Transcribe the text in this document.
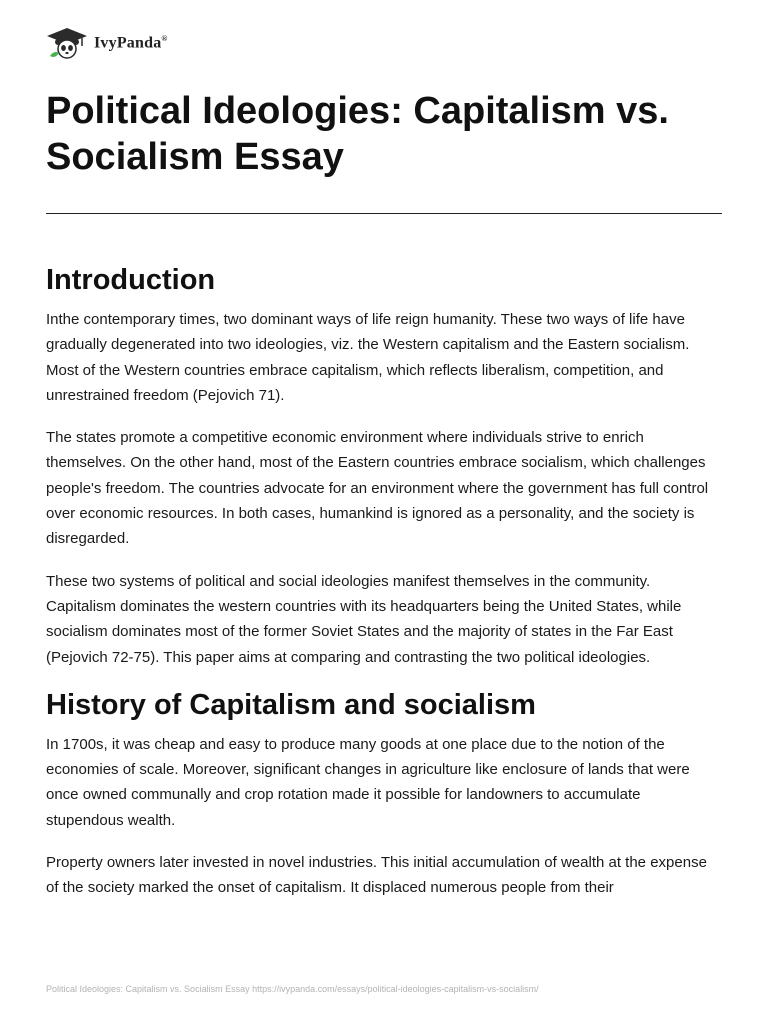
IvyPanda®
Political Ideologies: Capitalism vs. Socialism Essay
Introduction

Inthe contemporary times, two dominant ways of life reign humanity. These two ways of life have gradually degenerated into two ideologies, viz. the Western capitalism and the Eastern socialism. Most of the Western countries embrace capitalism, which reflects liberalism, competition, and unrestrained freedom (Pejovich 71).

The states promote a competitive economic environment where individuals strive to enrich themselves. On the other hand, most of the Eastern countries embrace socialism, which challenges people's freedom. The countries advocate for an environment where the government has full control over economic resources. In both cases, humankind is ignored as a personality, and the society is disregarded.

These two systems of political and social ideologies manifest themselves in the community. Capitalism dominates the western countries with its headquarters being the United States, while socialism dominates most of the former Soviet States and the majority of states in the Far East (Pejovich 72-75). This paper aims at comparing and contrasting the two political ideologies.

History of Capitalism and socialism

In 1700s, it was cheap and easy to produce many goods at one place due to the notion of the economies of scale. Moreover, significant changes in agriculture like enclosure of lands that were once owned communally and crop rotation made it possible for landowners to accumulate stupendous wealth.

Property owners later invested in novel industries. This initial accumulation of wealth at the expense of the society marked the onset of capitalism. It displaced numerous people from their

Political Ideologies: Capitalism vs. Socialism Essay https://ivypanda.com/essays/political-ideologies-capitalism-vs-socialism/
